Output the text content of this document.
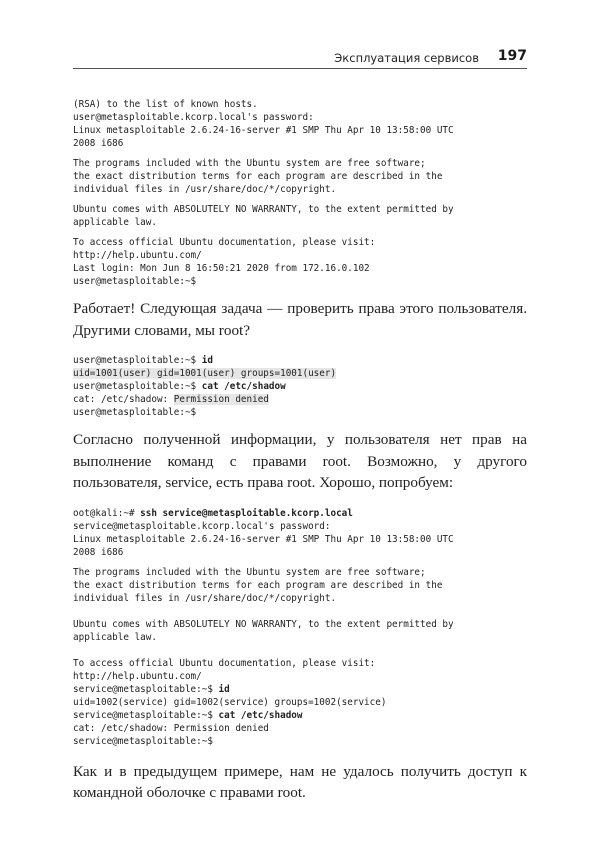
Эксплуатация сервисов 197
(RSA) to the list of known hosts.
user@metasploitable.kcorp.local's password:
Linux metasploitable 2.6.24-16-server #1 SMP Thu Apr 10 13:58:00 UTC
2008 i686
The programs included with the Ubuntu system are free software;
the exact distribution terms for each program are described in the
individual files in /usr/share/doc/*/copyright.
Ubuntu comes with ABSOLUTELY NO WARRANTY, to the extent permitted by
applicable law.
To access official Ubuntu documentation, please visit:
http://help.ubuntu.com/
Last login: Mon Jun 8 16:50:21 2020 from 172.16.0.102
user@metasploitable:~$

Работает! Следующая задача — проверить права этого пользователя. Другими словами, мы root?

user@metasploitable:~$ id
uid=1001(user) gid=1001(user) groups=1001(user)
user@metasploitable:~$ cat /etc/shadow
cat: /etc/shadow: Permission denied
user@metasploitable:~$

Согласно полученной информации, у пользователя нет прав на выполнение команд с правами root. Возможно, у другого пользователя, service, есть права root. Хорошо, попробуем:

oot@kali:~# ssh service@metasploitable.kcorp.local
service@metasploitable.kcorp.local's password:
Linux metasploitable 2.6.24-16-server #1 SMP Thu Apr 10 13:58:00 UTC
2008 i686
The programs included with the Ubuntu system are free software;
the exact distribution terms for each program are described in the
individual files in /usr/share/doc/*/copyright.
Ubuntu comes with ABSOLUTELY NO WARRANTY, to the extent permitted by
applicable law.
To access official Ubuntu documentation, please visit:
http://help.ubuntu.com/
service@metasploitable:~$ id
uid=1002(service) gid=1002(service) groups=1002(service)
service@metasploitable:~$ cat /etc/shadow
cat: /etc/shadow: Permission denied
service@metasploitable:~$

Как и в предыдущем примере, нам не удалось получить доступ к командной оболочке с правами root.
